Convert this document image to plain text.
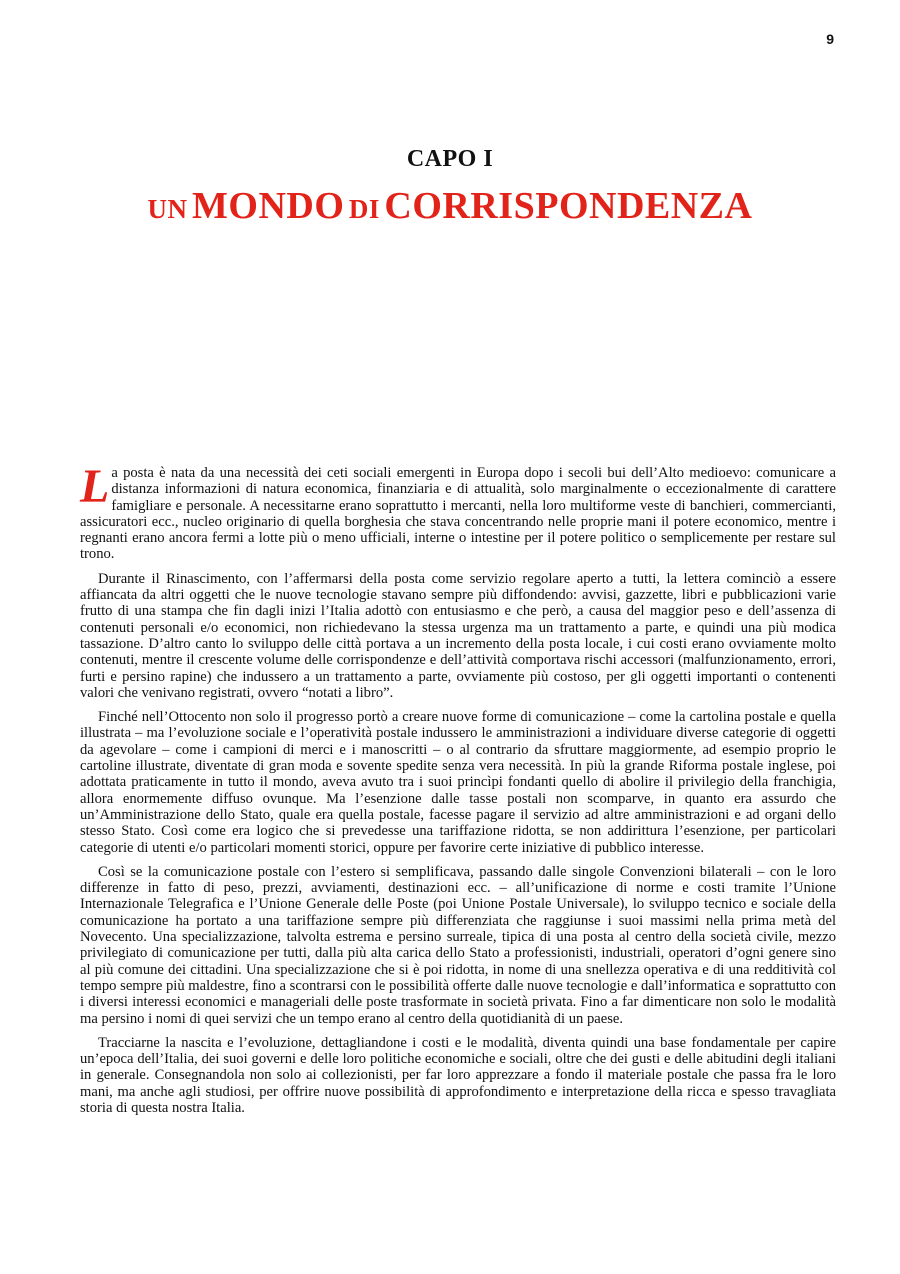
9
CAPO I
UN MONDO DI CORRISPONDENZA

La posta è nata da una necessità dei ceti sociali emergenti in Europa dopo i secoli bui dell’Alto medioevo: comunicare a distanza informazioni di natura economica, finanziaria e di attualità, solo marginalmente o eccezionalmente di carattere famigliare e personale. A necessitarne erano soprattutto i mercanti, nella loro multiforme veste di banchieri, commercianti, assicuratori ecc., nucleo originario di quella borghesia che stava concentrando nelle proprie mani il potere economico, mentre i regnanti erano ancora fermi a lotte più o meno ufficiali, interne o intestine per il potere politico o semplicemente per restare sul trono.

Durante il Rinascimento, con l’affermarsi della posta come servizio regolare aperto a tutti, la lettera cominciò a essere affiancata da altri oggetti che le nuove tecnologie stavano sempre più diffondendo: avvisi, gazzette, libri e pubblicazioni varie frutto di una stampa che fin dagli inizi l’Italia adottò con entusiasmo e che però, a causa del maggior peso e dell’assenza di contenuti personali e/o economici, non richiedevano la stessa urgenza ma un trattamento a parte, e quindi una più modica tassazione. D’altro canto lo sviluppo delle città portava a un incremento della posta locale, i cui costi erano ovviamente molto contenuti, mentre il crescente volume delle corrispondenze e dell’attività comportava rischi accessori (malfunzionamento, errori, furti e persino rapine) che indussero a un trattamento a parte, ovviamente più costoso, per gli oggetti importanti o contenenti valori che venivano registrati, ovvero “notati a libro”.

Finché nell’Ottocento non solo il progresso portò a creare nuove forme di comunicazione – come la cartolina postale e quella illustrata – ma l’evoluzione sociale e l’operatività postale indussero le amministrazioni a individuare diverse categorie di oggetti da agevolare – come i campioni di merci e i manoscritti – o al contrario da sfruttare maggiormente, ad esempio proprio le cartoline illustrate, diventate di gran moda e sovente spedite senza vera necessità. In più la grande Riforma postale inglese, poi adottata praticamente in tutto il mondo, aveva avuto tra i suoi princìpi fondanti quello di abolire il privilegio della franchigia, allora enormemente diffuso ovunque. Ma l’esenzione dalle tasse postali non scomparve, in quanto era assurdo che un’Amministrazione dello Stato, quale era quella postale, facesse pagare il servizio ad altre amministrazioni e ad organi dello stesso Stato. Così come era logico che si prevedesse una tariffazione ridotta, se non addirittura l’esenzione, per particolari categorie di utenti e/o particolari momenti storici, oppure per favorire certe iniziative di pubblico interesse.

Così se la comunicazione postale con l’estero si semplificava, passando dalle singole Convenzioni bilaterali – con le loro differenze in fatto di peso, prezzi, avviamenti, destinazioni ecc. – all’unificazione di norme e costi tramite l’Unione Internazionale Telegrafica e l’Unione Generale delle Poste (poi Unione Postale Universale), lo sviluppo tecnico e sociale della comunicazione ha portato a una tariffazione sempre più differenziata che raggiunse i suoi massimi nella prima metà del Novecento. Una specializzazione, talvolta estrema e persino surreale, tipica di una posta al centro della società civile, mezzo privilegiato di comunicazione per tutti, dalla più alta carica dello Stato a professionisti, industriali, operatori d’ogni genere sino al più comune dei cittadini. Una specializzazione che si è poi ridotta, in nome di una snellezza operativa e di una redditività col tempo sempre più maldestre, fino a scontrarsi con le possibilità offerte dalle nuove tecnologie e dall’informatica e soprattutto con i diversi interessi economici e manageriali delle poste trasformate in società privata. Fino a far dimenticare non solo le modalità ma persino i nomi di quei servizi che un tempo erano al centro della quotidianità di un paese.

Tracciarne la nascita e l’evoluzione, dettagliandone i costi e le modalità, diventa quindi una base fondamentale per capire un’epoca dell’Italia, dei suoi governi e delle loro politiche economiche e sociali, oltre che dei gusti e delle abitudini degli italiani in generale. Consegnandola non solo ai collezionisti, per far loro apprezzare a fondo il materiale postale che passa fra le loro mani, ma anche agli studiosi, per offrire nuove possibilità di approfondimento e interpretazione della ricca e spesso travagliata storia di questa nostra Italia.
